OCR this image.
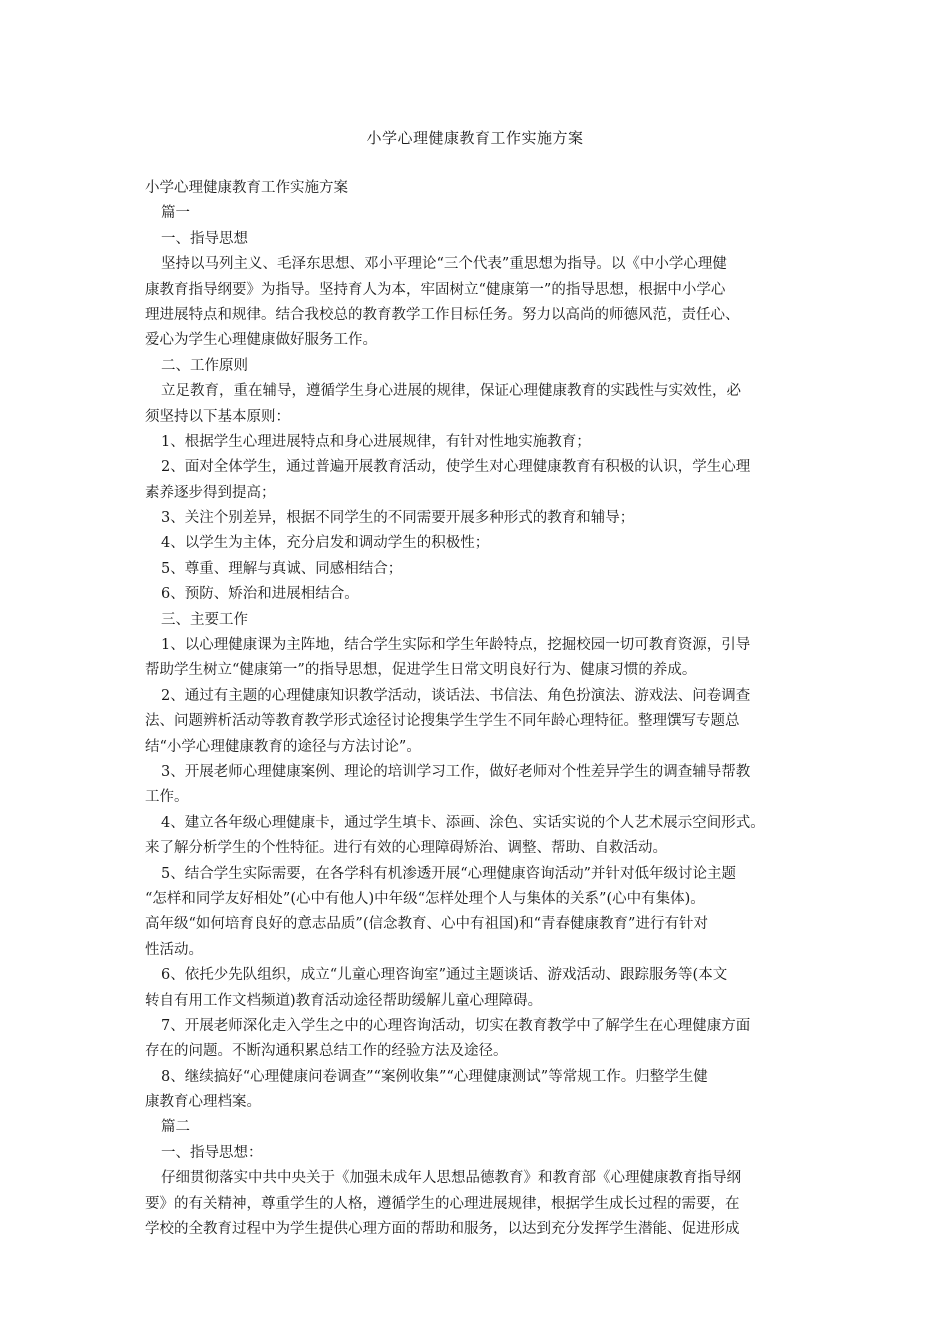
小学心理健康教育工作实施方案
小学心理健康教育工作实施方案
篇一
一、指导思想
坚持以马列主义、毛泽东思想、邓小平理论“三个代表”重思想为指导。以《中小学心理健
康教育指导纲要》为指导。坚持育人为本，牢固树立“健康第一”的指导思想，根据中小学心
理进展特点和规律。结合我校总的教育教学工作目标任务。努力以高尚的师德风范，责任心、
爱心为学生心理健康做好服务工作。
二、工作原则
立足教育，重在辅导，遵循学生身心进展的规律，保证心理健康教育的实践性与实效性，必
须坚持以下基本原则：
1、根据学生心理进展特点和身心进展规律，有针对性地实施教育；
2、面对全体学生，通过普遍开展教育活动，使学生对心理健康教育有积极的认识，学生心理
素养逐步得到提高；
3、关注个别差异，根据不同学生的不同需要开展多种形式的教育和辅导；
4、以学生为主体，充分启发和调动学生的积极性；
5、尊重、理解与真诚、同感相结合；
6、预防、矫治和进展相结合。
三、主要工作
1、以心理健康课为主阵地，结合学生实际和学生年龄特点，挖掘校园一切可教育资源，引导
帮助学生树立“健康第一”的指导思想，促进学生日常文明良好行为、健康习惯的养成。
2、通过有主题的心理健康知识教学活动，谈话法、书信法、角色扮演法、游戏法、问卷调查
法、问题辨析活动等教育教学形式途径讨论搜集学生学生不同年龄心理特征。整理馔写专题总
结“小学心理健康教育的途径与方法讨论”。
3、开展老师心理健康案例、理论的培训学习工作，做好老师对个性差异学生的调查辅导帮教
工作。
4、建立各年级心理健康卡，通过学生填卡、添画、涂色、实话实说的个人艺术展示空间形式。
来了解分析学生的个性特征。进行有效的心理障碍矫治、调整、帮助、自救活动。
5、结合学生实际需要，在各学科有机渗透开展“心理健康咨询活动”并针对低年级讨论主题
“怎样和同学友好相处”(心中有他人)中年级“怎样处理个人与集体的关系”(心中有集体)。
高年级“如何培育良好的意志品质”(信念教育、心中有祖国)和“青春健康教育”进行有针对
性活动。
6、依托少先队组织，成立“儿童心理咨询室”通过主题谈话、游戏活动、跟踪服务等(本文
转自有用工作文档频道)教育活动途径帮助缓解儿童心理障碍。
7、开展老师深化走入学生之中的心理咨询活动，切实在教育教学中了解学生在心理健康方面
存在的问题。不断沟通积累总结工作的经验方法及途径。
8、继续搞好“心理健康问卷调查”“案例收集”“心理健康测试”等常规工作。归整学生健
康教育心理档案。
篇二
一、指导思想：
仔细贯彻落实中共中央关于《加强未成年人思想品德教育》和教育部《心理健康教育指导纲
要》的有关精神，尊重学生的人格，遵循学生的心理进展规律，根据学生成长过程的需要，在
学校的全教育过程中为学生提供心理方面的帮助和服务，以达到充分发挥学生潜能、促进形成
